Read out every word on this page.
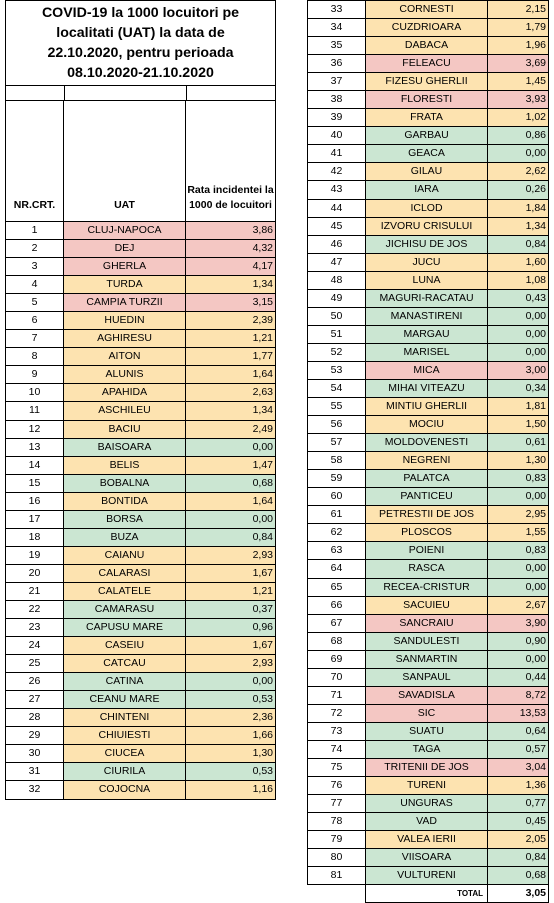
COVID-19 la 1000 locuitori pe
localitati (UAT) la data de
22.10.2020, pentru perioada
08.10.2020-21.10.2020
NR.CRT.	UAT	Rata incidentei la 1000 de locuitori
1	CLUJ-NAPOCA	3,86
2	DEJ	4,32
3	GHERLA	4,17
4	TURDA	1,34
5	CAMPIA TURZII	3,15
6	HUEDIN	2,39
7	AGHIRESU	1,21
8	AITON	1,77
9	ALUNIS	1,64
10	APAHIDA	2,63
11	ASCHILEU	1,34
12	BACIU	2,49
13	BAISOARA	0,00
14	BELIS	1,47
15	BOBALNA	0,68
16	BONTIDA	1,64
17	BORSA	0,00
18	BUZA	0,84
19	CAIANU	2,93
20	CALARASI	1,67
21	CALATELE	1,21
22	CAMARASU	0,37
23	CAPUSU MARE	0,96
24	CASEIU	1,67
25	CATCAU	2,93
26	CATINA	0,00
27	CEANU MARE	0,53
28	CHINTENI	2,36
29	CHIUIESTI	1,66
30	CIUCEA	1,30
31	CIURILA	0,53
32	COJOCNA	1,16
33	CORNESTI	2,15
34	CUZDRIOARA	1,79
35	DABACA	1,96
36	FELEACU	3,69
37	FIZESU GHERLII	1,45
38	FLORESTI	3,93
39	FRATA	1,02
40	GARBAU	0,86
41	GEACA	0,00
42	GILAU	2,62
43	IARA	0,26
44	ICLOD	1,84
45	IZVORU CRISULUI	1,34
46	JICHISU DE JOS	0,84
47	JUCU	1,60
48	LUNA	1,08
49	MAGURI-RACATAU	0,43
50	MANASTIRENI	0,00
51	MARGAU	0,00
52	MARISEL	0,00
53	MICA	3,00
54	MIHAI VITEAZU	0,34
55	MINTIU GHERLII	1,81
56	MOCIU	1,50
57	MOLDOVENESTI	0,61
58	NEGRENI	1,30
59	PALATCA	0,83
60	PANTICEU	0,00
61	PETRESTII DE JOS	2,95
62	PLOSCOS	1,55
63	POIENI	0,83
64	RASCA	0,00
65	RECEA-CRISTUR	0,00
66	SACUIEU	2,67
67	SANCRAIU	3,90
68	SANDULESTI	0,90
69	SANMARTIN	0,00
70	SANPAUL	0,44
71	SAVADISLA	8,72
72	SIC	13,53
73	SUATU	0,64
74	TAGA	0,57
75	TRITENII DE JOS	3,04
76	TURENI	1,36
77	UNGURAS	0,77
78	VAD	0,45
79	VALEA IERII	2,05
80	VIISOARA	0,84
81	VULTURENI	0,68
	TOTAL	3,05
